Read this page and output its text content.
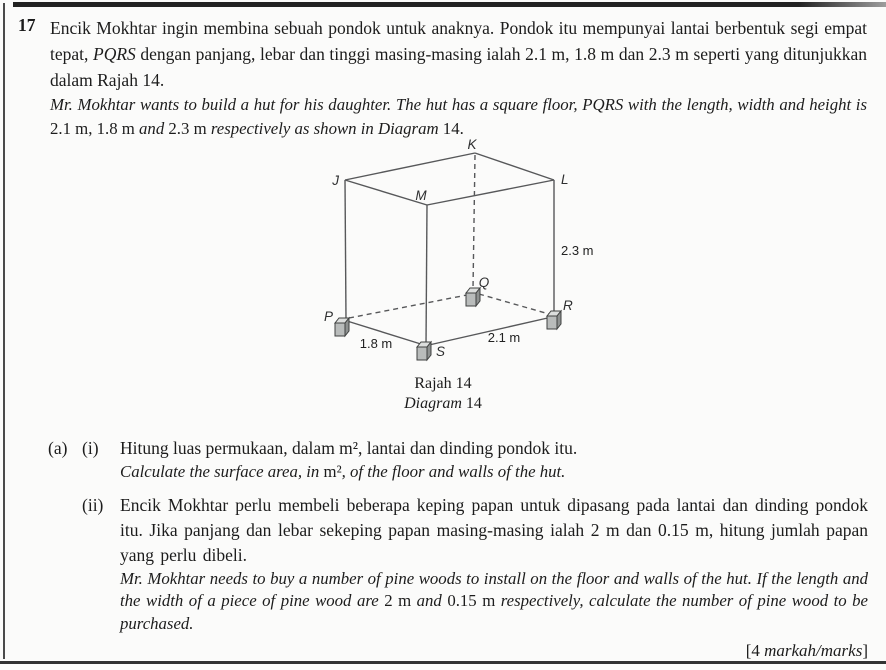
17 Encik Mokhtar ingin membina sebuah pondok untuk anaknya. Pondok itu mempunyai lantai berbentuk segi empat tepat, PQRS dengan panjang, lebar dan tinggi masing-masing ialah 2.1 m, 1.8 m dan 2.3 m seperti yang ditunjukkan dalam Rajah 14.

Mr. Mokhtar wants to build a hut for his daughter. The hut has a square floor, PQRS with the length, width and height is 2.1 m, 1.8 m and 2.3 m respectively as shown in Diagram 14.

J
K
L
M
P
Q
R
S
2.3 m
1.8 m	2.1 m
Rajah 14
Diagram 14
(a) (i)	Hitung luas permukaan, dalam m², lantai dan dinding pondok itu.

Calculate the surface area, in m², of the floor and walls of the hut.

(ii) Encik Mokhtar perlu membeli beberapa keping papan untuk dipasang pada lantai dan dinding pondok itu. Jika panjang dan lebar sekeping papan masing-masing ialah 2 m dan 0.15 m, hitung jumlah papan yang perlu dibeli.

Mr. Mokhtar needs to buy a number of pine woods to install on the floor and walls of the hut. If the length and the width of a piece of pine wood are 2 m and 0.15 m respectively, calculate the number of pine wood to be purchased.

[4 markah/marks]
